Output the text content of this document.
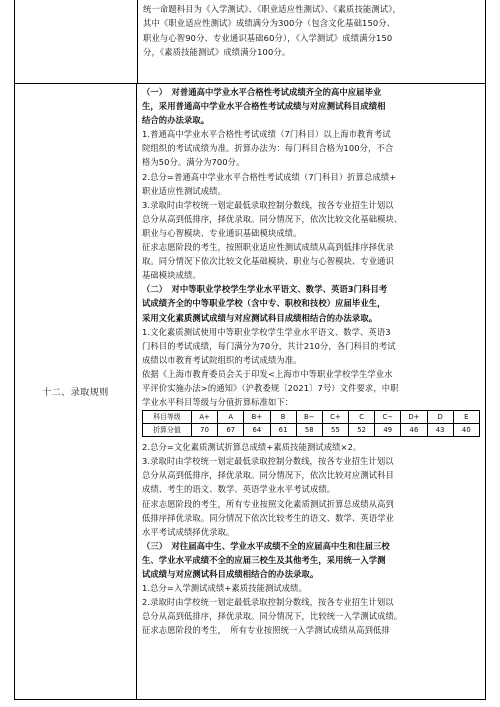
统一命题科目为《入学测试》、《职业适应性测试》、《素质技能测试》，

其中《职业适应性测试》成绩满分为300分（包含文化基础150分、

职业与心智90分、专业通识基础60分），《入学测试》成绩满分150

分，《素质技能测试》成绩满分100分。

十二、录取规则

（一）　对普通高中学业水平合格性考试成绩齐全的高中应届毕业

生，采用普通高中学业水平合格性考试成绩与对应测试科目成绩相

结合的办法录取。

1.普通高中学业水平合格性考试成绩（7门科目）以上海市教育考试

院组织的考试成绩为准。折算办法为：每门科目合格为100分，不合

格为50分。满分为700分。

2.总分=普通高中学业水平合格性考试成绩（7门科目）折算总成绩+

职业适应性测试成绩。

3.录取时由学校统一划定最低录取控制分数线，按各专业招生计划以

总分从高到低排序，择优录取。同分情况下，依次比较文化基础模块、

职业与心智模块、专业通识基础模块成绩。

征求志愿阶段的考生，按照职业适应性测试成绩从高到低排序择优录

取。同分情况下依次比较文化基础模块、职业与心智模块、专业通识

基础模块成绩。

（二）　对中等职业学校学生学业水平语文、数学、英语3门科目考

试成绩齐全的中等职业学校（含中专、职校和技校）应届毕业生，

采用文化素质测试成绩与对应测试科目成绩相结合的办法录取。

1.文化素质测试使用中等职业学校学生学业水平语文、数学、英语3

门科目的考试成绩，每门满分为70分，共计210分，各门科目的考试

成绩以市教育考试院组织的考试成绩为准。

依据《上海市教育委员会关于印发<上海市中等职业学校学生学业水

平评价实施办法>的通知》（沪教委规〔2021〕7号）文件要求，中职

学业水平科目等级与分值折算标准如下：

科目等级	A+	A	B+	B	B−	C+	C	C−	D+	D	E
折算分值	70	67	64	61	58	55	52	49	46	43	40

2.总分=文化素质测试折算总成绩+素质技能测试成绩×2。

3.录取时由学校统一划定最低录取控制分数线，按各专业招生计划以

总分从高到低排序，择优录取。同分情况下，依次比较对应测试科目

成绩、考生的语文、数学、英语学业水平考试成绩。

征求志愿阶段的考生，所有专业按照文化素质测试折算总成绩从高到

低排序择优录取。同分情况下依次比较考生的语文、数学、英语学业

水平考试成绩择优录取。

（三）　对往届高中生、学业水平成绩不全的应届高中生和往届三校

生、学业水平成绩不全的应届三校生及其他考生，采用统一入学测

试成绩与对应测试科目成绩相结合的办法录取。

1.总分=入学测试成绩+素质技能测试成绩。

2.录取时由学校统一划定最低录取控制分数线，按各专业招生计划以

总分从高到低排序，择优录取。同分情况下，比较统一入学测试成绩。

征求志愿阶段的考生，　所有专业按照统一入学测试成绩从高到低排
